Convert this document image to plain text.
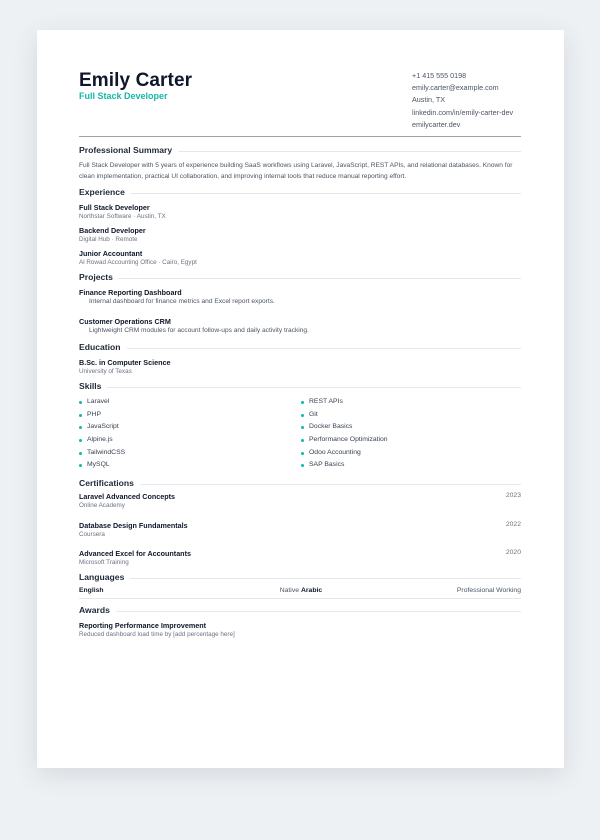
Emily Carter
Full Stack Developer
+1 415 555 0198
emily.carter@example.com
Austin, TX
linkedin.com/in/emily-carter-dev
emilycarter.dev
Professional Summary
Full Stack Developer with 5 years of experience building SaaS workflows using Laravel, JavaScript, REST APIs, and relational databases. Known for clean implementation, practical UI collaboration, and improving internal tools that reduce manual reporting effort.
Experience
Full Stack Developer
Northstar Software · Austin, TX
Backend Developer
Digital Hub · Remote
Junior Accountant
Al Rowad Accounting Office · Cairo, Egypt
Projects
Finance Reporting Dashboard
Internal dashboard for finance metrics and Excel report exports.
Customer Operations CRM
Lightweight CRM modules for account follow-ups and daily activity tracking.
Education
B.Sc. in Computer Science
University of Texas
Skills
Laravel
PHP
JavaScript
Alpine.js
TailwindCSS
MySQL
REST APIs
Git
Docker Basics
Performance Optimization
Odoo Accounting
SAP Basics
Certifications
Laravel Advanced Concepts
Online Academy
2023
Database Design Fundamentals
Coursera
2022
Advanced Excel for Accountants
Microsoft Training
2020
Languages
English	Native Arabic	Professional Working
Awards
Reporting Performance Improvement
Reduced dashboard load time by [add percentage here]
